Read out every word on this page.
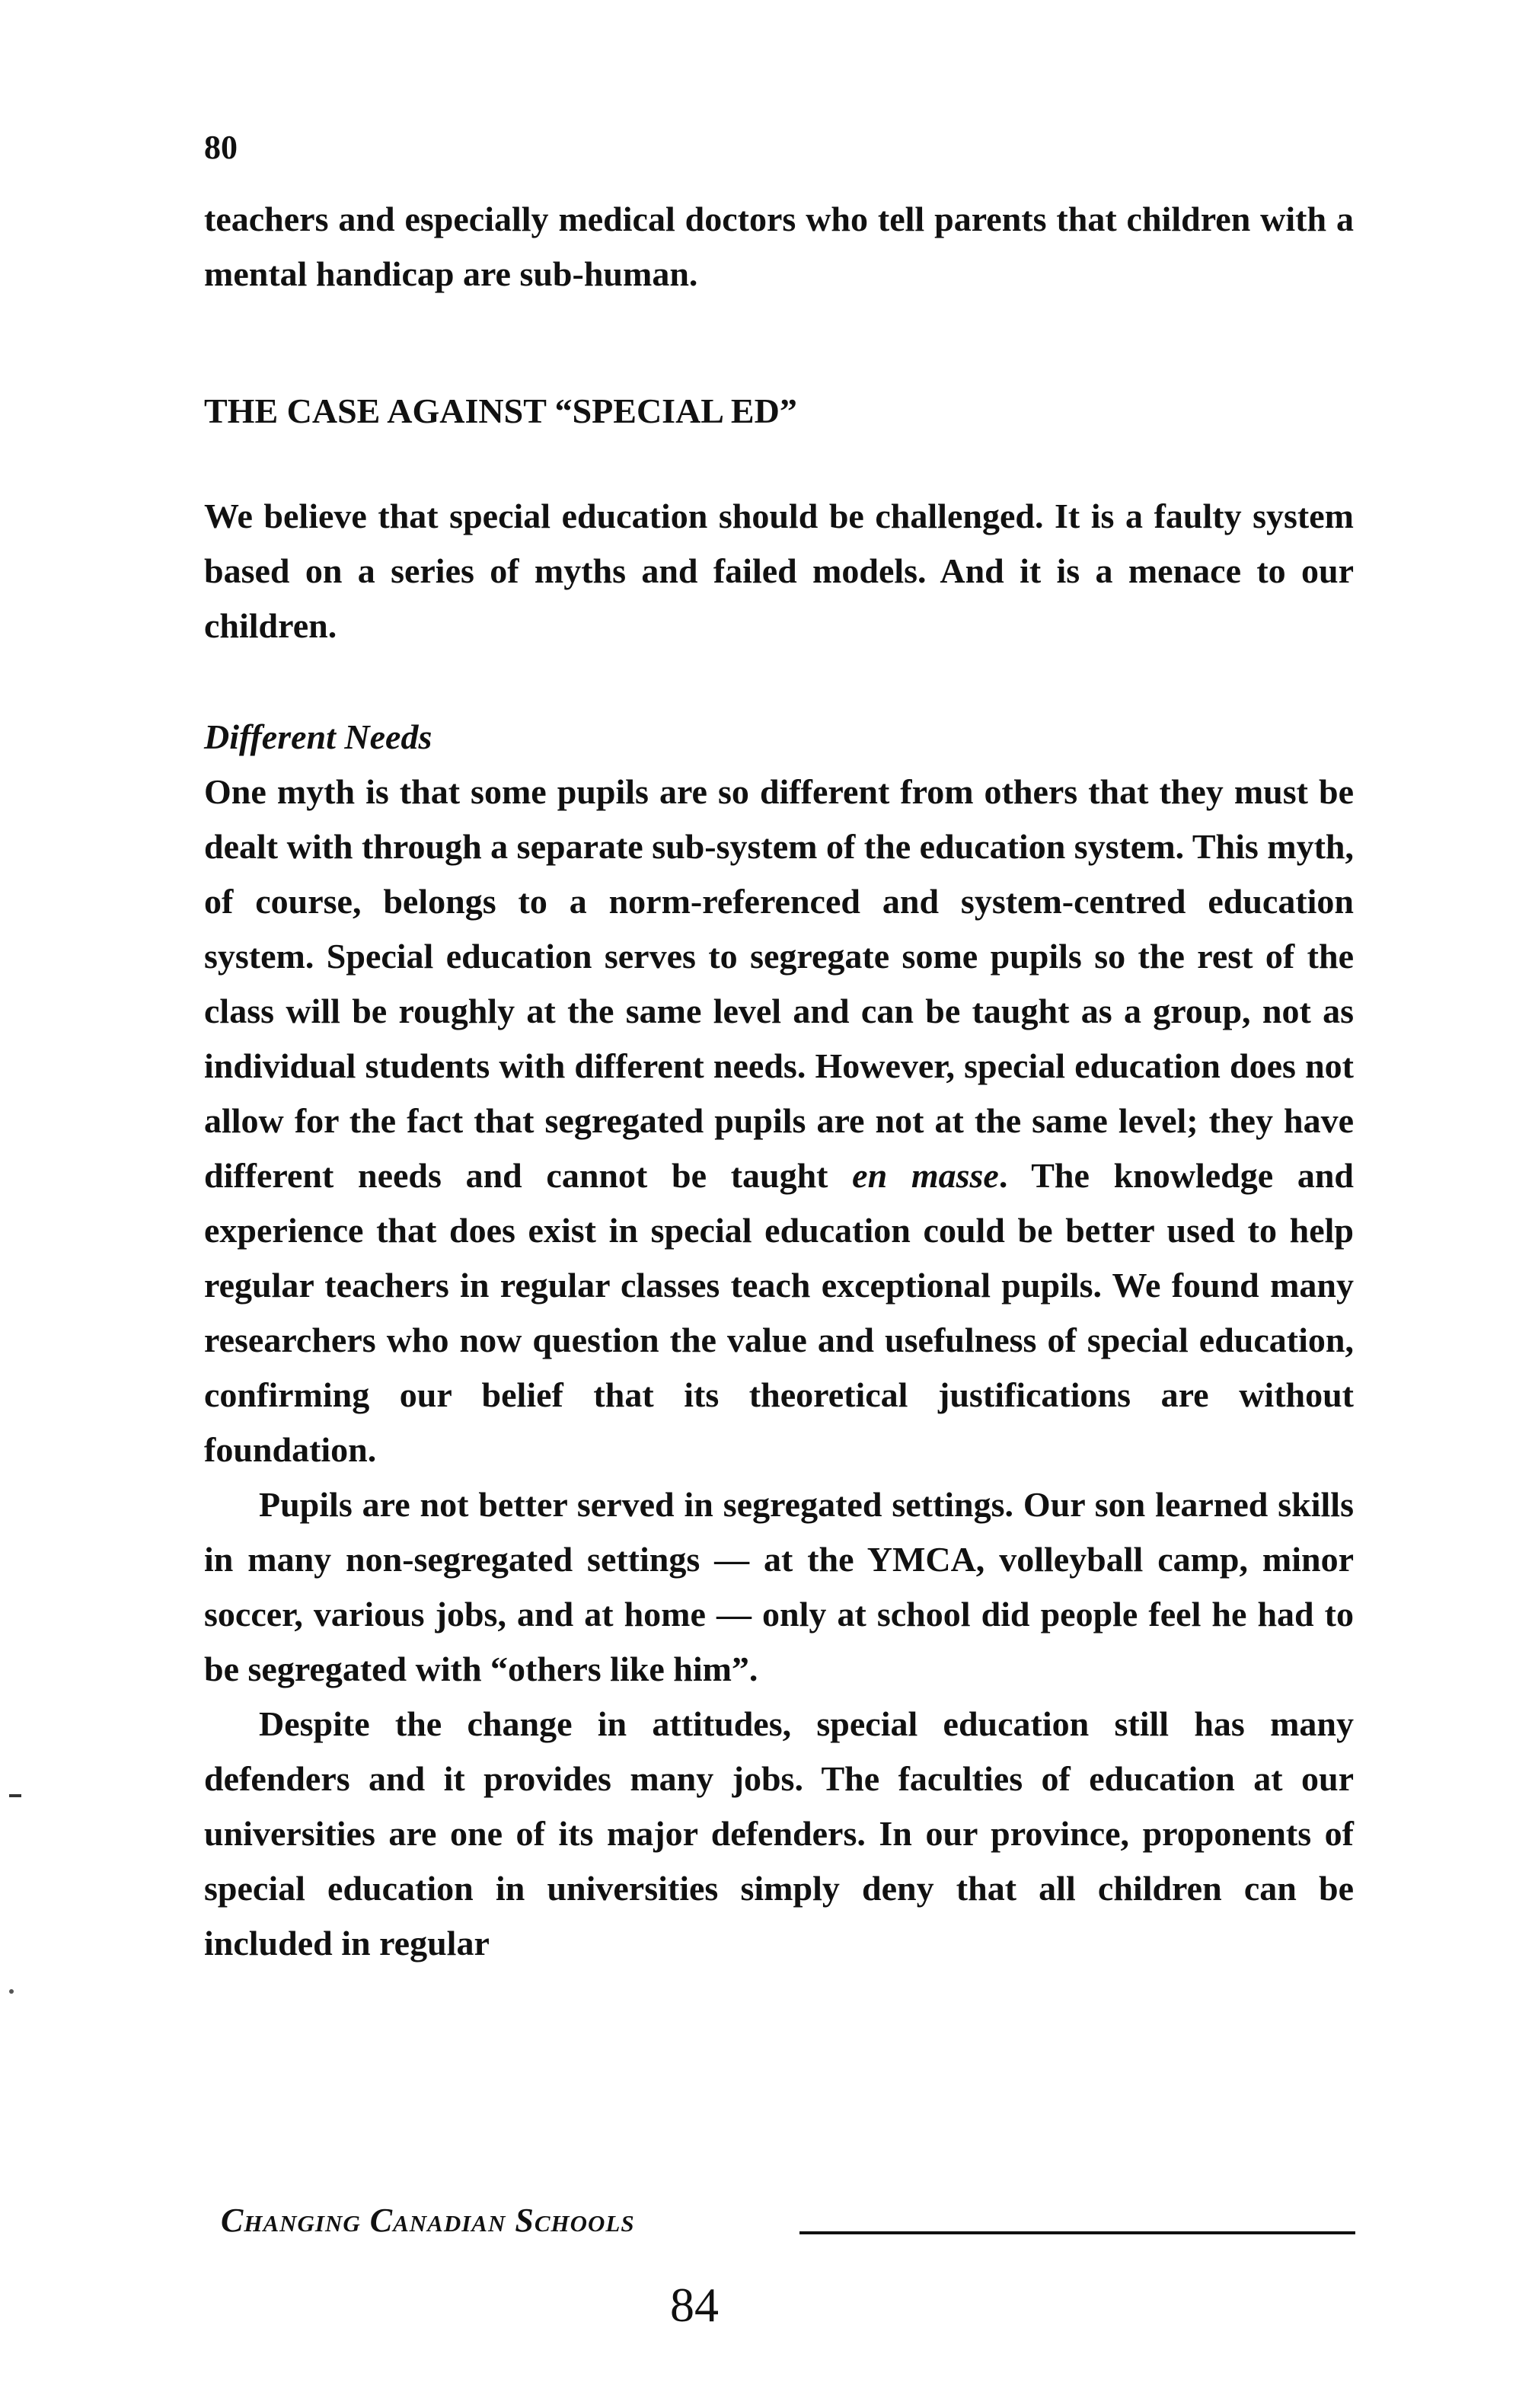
80

teachers and especially medical doctors who tell parents that children with a mental handicap are sub-human.

THE CASE AGAINST “SPECIAL ED”

We believe that special education should be challenged. It is a faulty system based on a series of myths and failed models. And it is a menace to our children.

Different Needs

One myth is that some pupils are so different from others that they must be dealt with through a separate sub-system of the education system. This myth, of course, belongs to a norm-referenced and system-centred education system. Special education serves to segregate some pupils so the rest of the class will be roughly at the same level and can be taught as a group, not as individual students with different needs. However, special education does not allow for the fact that segregated pupils are not at the same level; they have different needs and cannot be taught en masse. The knowledge and experience that does exist in special education could be better used to help regular teachers in regular classes teach exceptional pupils. We found many researchers who now question the value and usefulness of special education, confirming our belief that its theoretical justifications are without foundation.

Pupils are not better served in segregated settings. Our son learned skills in many non-segregated settings — at the YMCA, volleyball camp, minor soccer, various jobs, and at home — only at school did people feel he had to be segregated with “others like him”.

Despite the change in attitudes, special education still has many defenders and it provides many jobs. The faculties of education at our universities are one of its major defenders. In our province, proponents of special education in universities simply deny that all children can be included in regular

Changing Canadian Schools
84
